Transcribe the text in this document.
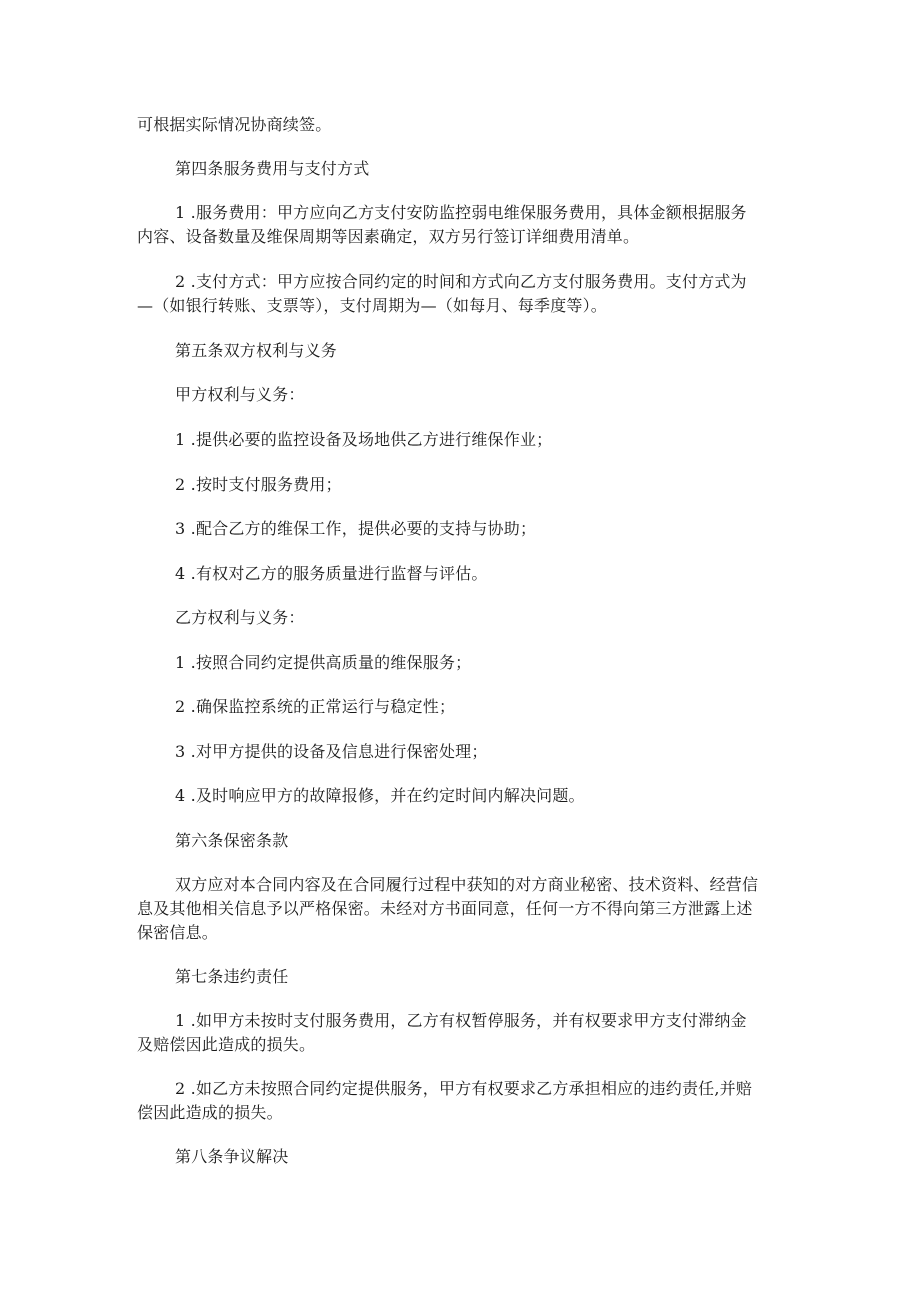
可根据实际情况协商续签。
第四条服务费用与支付方式
1 .服务费用：甲方应向乙方支付安防监控弱电维保服务费用，具体金额根据服务
内容、设备数量及维保周期等因素确定，双方另行签订详细费用清单。
2 .支付方式：甲方应按合同约定的时间和方式向乙方支付服务费用。支付方式为
—（如银行转账、支票等），支付周期为—（如每月、每季度等）。
第五条双方权利与义务
甲方权利与义务：
1 .提供必要的监控设备及场地供乙方进行维保作业；
2 .按时支付服务费用；
3 .配合乙方的维保工作，提供必要的支持与协助；
4 .有权对乙方的服务质量进行监督与评估。
乙方权利与义务：
1 .按照合同约定提供高质量的维保服务；
2 .确保监控系统的正常运行与稳定性；
3 .对甲方提供的设备及信息进行保密处理；
4 .及时响应甲方的故障报修，并在约定时间内解决问题。
第六条保密条款
双方应对本合同内容及在合同履行过程中获知的对方商业秘密、技术资料、经营信
息及其他相关信息予以严格保密。未经对方书面同意，任何一方不得向第三方泄露上述
保密信息。
第七条违约责任
1 .如甲方未按时支付服务费用，乙方有权暂停服务，并有权要求甲方支付滞纳金
及赔偿因此造成的损失。
2 .如乙方未按照合同约定提供服务，甲方有权要求乙方承担相应的违约责任,并赔
偿因此造成的损失。
第八条争议解决
